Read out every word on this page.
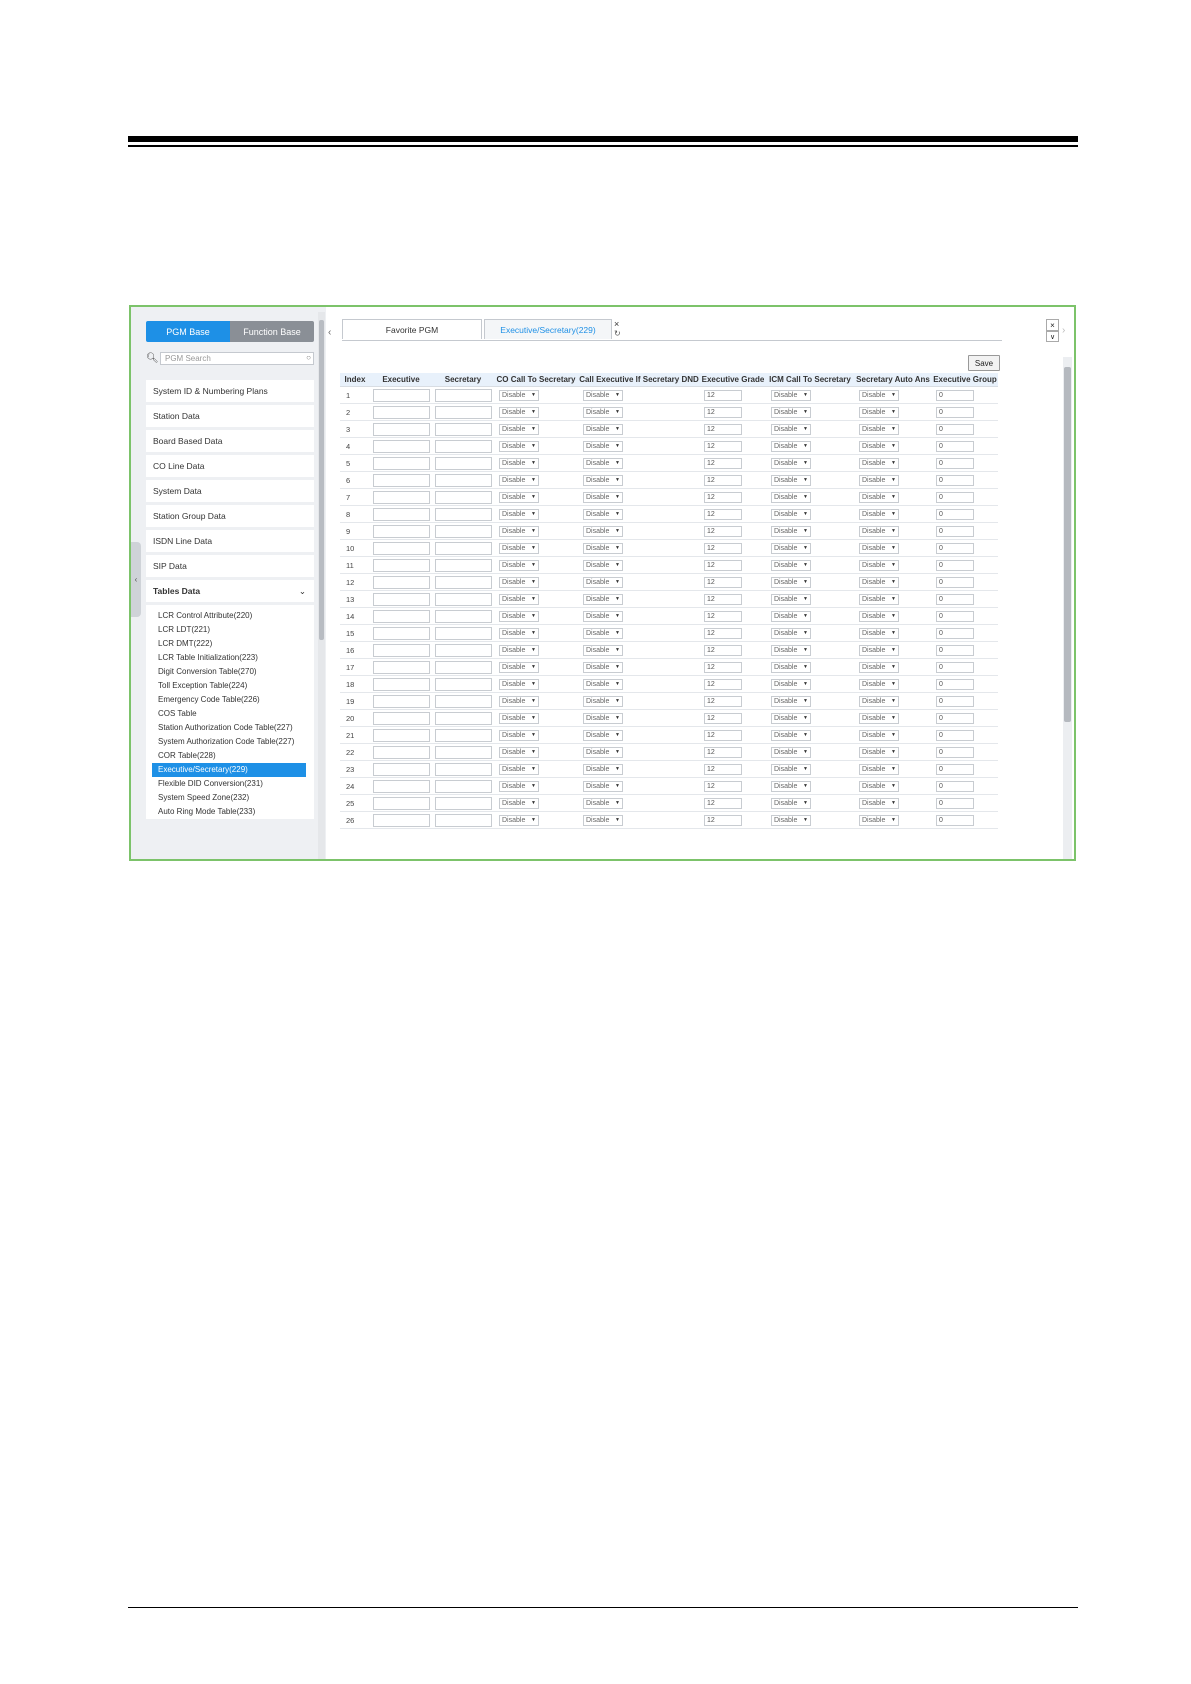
PGM Base	Function Base
🔍︎ PGM Search	○
System ID & Numbering Plans
Station Data
Board Based Data
CO Line Data
System Data
Station Group Data
ISDN Line Data
SIP Data
Tables Data	⌄
LCR Control Attribute(220)
LCR LDT(221)
LCR DMT(222)
LCR Table Initialization(223)
Digit Conversion Table(270)
Toll Exception Table(224)
Emergency Code Table(226)
COS Table
Station Authorization Code Table(227)
System Authorization Code Table(227)
COR Table(228)
Executive/Secretary(229)
Flexible DID Conversion(231)
System Speed Zone(232)
Auto Ring Mode Table(233)
‹
‹	Favorite PGM	Executive/Secretary(229)
×
↻
×
∨
›
Save
Index	Executive	Secretary	CO Call To Secretary	Call Executive If Secretary DND	Executive Grade	ICM Call To Secretary	Secretary Auto Ans	Executive Group
1			Disable ▼	Disable ▼	12	Disable ▼	Disable ▼	0

2			Disable ▼	Disable ▼	12	Disable ▼	Disable ▼	0

3			Disable ▼	Disable ▼	12	Disable ▼	Disable ▼	0

4			Disable ▼	Disable ▼	12	Disable ▼	Disable ▼	0

5			Disable ▼	Disable ▼	12	Disable ▼	Disable ▼	0

6			Disable ▼	Disable ▼	12	Disable ▼	Disable ▼	0

7			Disable ▼	Disable ▼	12	Disable ▼	Disable ▼	0

8			Disable ▼	Disable ▼	12	Disable ▼	Disable ▼	0

9			Disable ▼	Disable ▼	12	Disable ▼	Disable ▼	0

10			Disable ▼	Disable ▼	12	Disable ▼	Disable ▼	0

11			Disable ▼	Disable ▼	12	Disable ▼	Disable ▼	0

12			Disable ▼	Disable ▼	12	Disable ▼	Disable ▼	0

13			Disable ▼	Disable ▼	12	Disable ▼	Disable ▼	0

14			Disable ▼	Disable ▼	12	Disable ▼	Disable ▼	0

15			Disable ▼	Disable ▼	12	Disable ▼	Disable ▼	0

16			Disable ▼	Disable ▼	12	Disable ▼	Disable ▼	0

17			Disable ▼	Disable ▼	12	Disable ▼	Disable ▼	0

18			Disable ▼	Disable ▼	12	Disable ▼	Disable ▼	0

19			Disable ▼	Disable ▼	12	Disable ▼	Disable ▼	0

20			Disable ▼	Disable ▼	12	Disable ▼	Disable ▼	0

21			Disable ▼	Disable ▼	12	Disable ▼	Disable ▼	0

22			Disable ▼	Disable ▼	12	Disable ▼	Disable ▼	0

23			Disable ▼	Disable ▼	12	Disable ▼	Disable ▼	0

24			Disable ▼	Disable ▼	12	Disable ▼	Disable ▼	0

25			Disable ▼	Disable ▼	12	Disable ▼	Disable ▼	0

26			Disable ▼	Disable ▼	12	Disable ▼	Disable ▼	0
